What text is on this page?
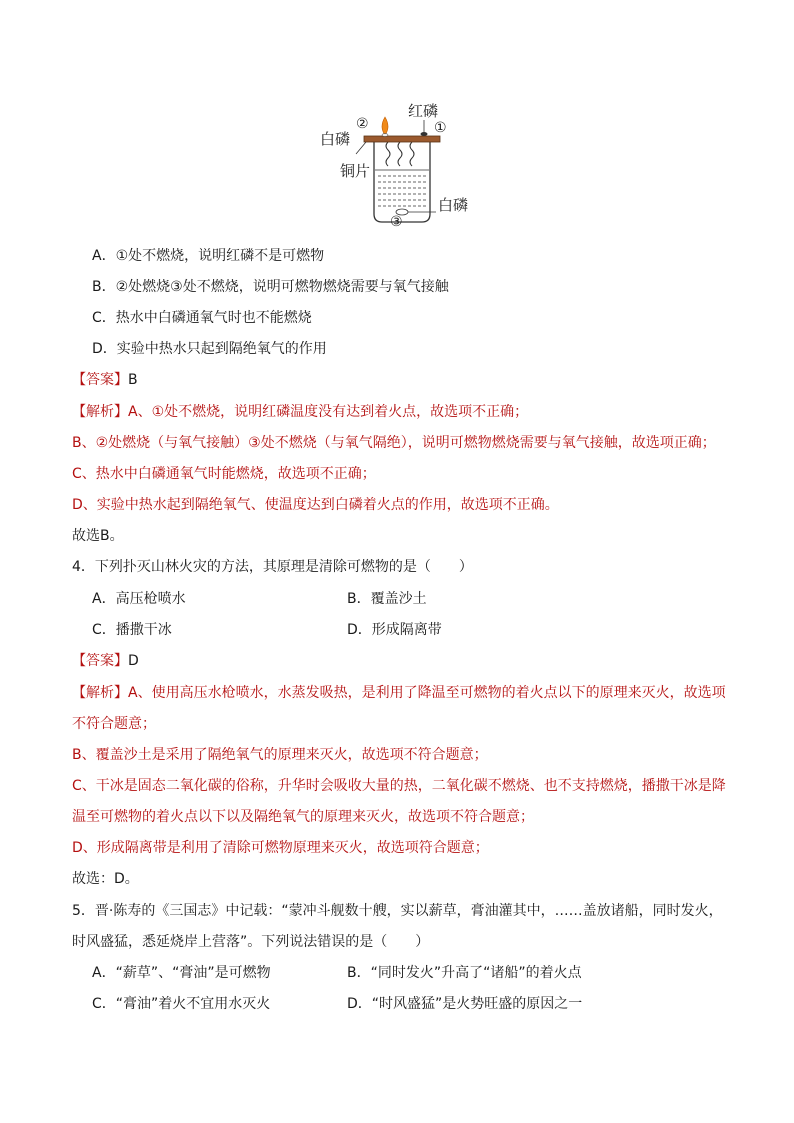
红磷
①
②
白磷
铜片
白磷
③
A．①处不燃烧，说明红磷不是可燃物
B．②处燃烧③处不燃烧，说明可燃物燃烧需要与氧气接触
C．热水中白磷通氧气时也不能燃烧
D．实验中热水只起到隔绝氧气的作用
【答案】B
【解析】A、①处不燃烧，说明红磷温度没有达到着火点，故选项不正确；
B、②处燃烧（与氧气接触）③处不燃烧（与氧气隔绝），说明可燃物燃烧需要与氧气接触，故选项正确；
C、热水中白磷通氧气时能燃烧，故选项不正确；
D、实验中热水起到隔绝氧气、使温度达到白磷着火点的作用，故选项不正确。
故选B。
4．下列扑灭山林火灾的方法，其原理是清除可燃物的是（　　）
A．高压枪喷水	B．覆盖沙土
C．播撒干冰	D．形成隔离带
【答案】D
【解析】A、使用高压水枪喷水，水蒸发吸热，是利用了降温至可燃物的着火点以下的原理来灭火，故选项
不符合题意；
B、覆盖沙土是采用了隔绝氧气的原理来灭火，故选项不符合题意；
C、干冰是固态二氧化碳的俗称，升华时会吸收大量的热，二氧化碳不燃烧、也不支持燃烧，播撒干冰是降
温至可燃物的着火点以下以及隔绝氧气的原理来灭火，故选项不符合题意；
D、形成隔离带是利用了清除可燃物原理来灭火，故选项符合题意；
故选：D。
5．晋·陈寿的《三国志》中记载：“蒙冲斗舰数十艘，实以薪草，膏油灌其中，……盖放诸船，同时发火，
时风盛猛，悉延烧岸上营落”。下列说法错误的是（　　）
A．“薪草”、“膏油”是可燃物	B．“同时发火”升高了“诸船”的着火点
C．“膏油”着火不宜用水灭火	D．“时风盛猛”是火势旺盛的原因之一
